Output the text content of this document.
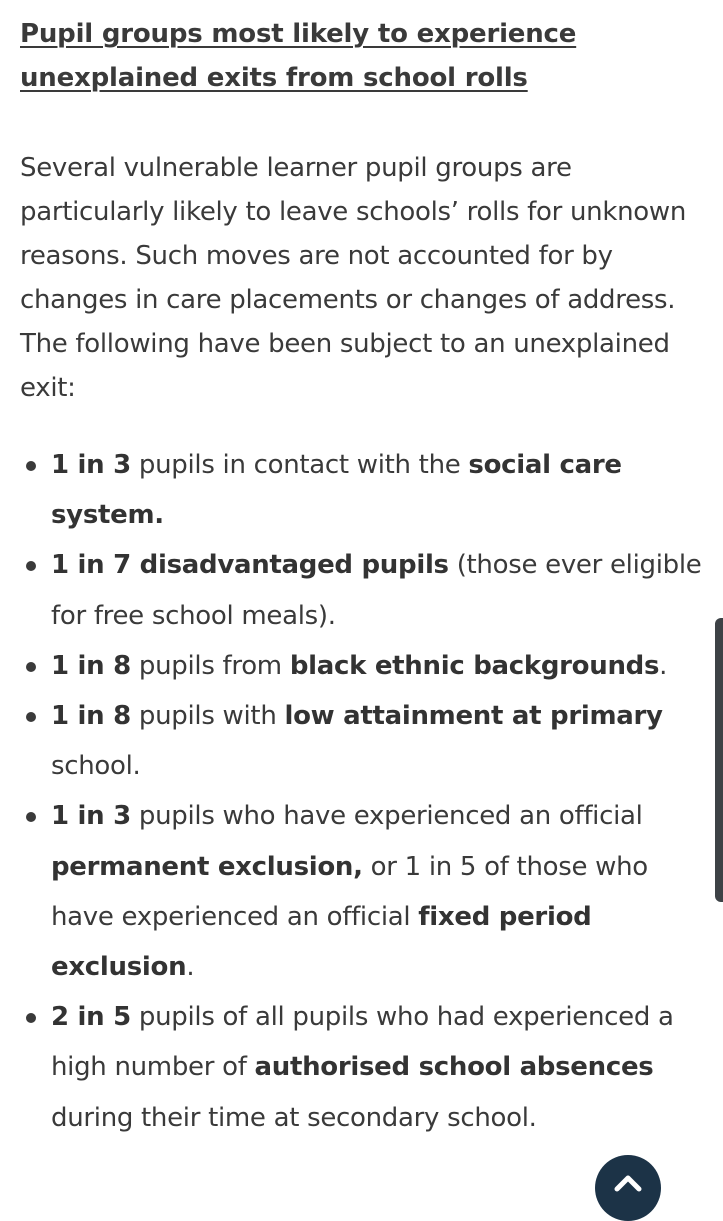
Pupil groups most likely to experience unexplained exits from school rolls

Several vulnerable learner pupil groups are particularly likely to leave schools’ rolls for unknown reasons. Such moves are not accounted for by changes in care placements or changes of address. The following have been subject to an unexplained exit:

1 in 3 pupils in contact with the social care system.
1 in 7 disadvantaged pupils (those ever eligible for free school meals).
1 in 8 pupils from black ethnic backgrounds.
1 in 8 pupils with low attainment at primary school.
1 in 3 pupils who have experienced an official permanent exclusion, or 1 in 5 of those who have experienced an official fixed period exclusion.
2 in 5 pupils of all pupils who had experienced a high number of authorised school absences during their time at secondary school.
